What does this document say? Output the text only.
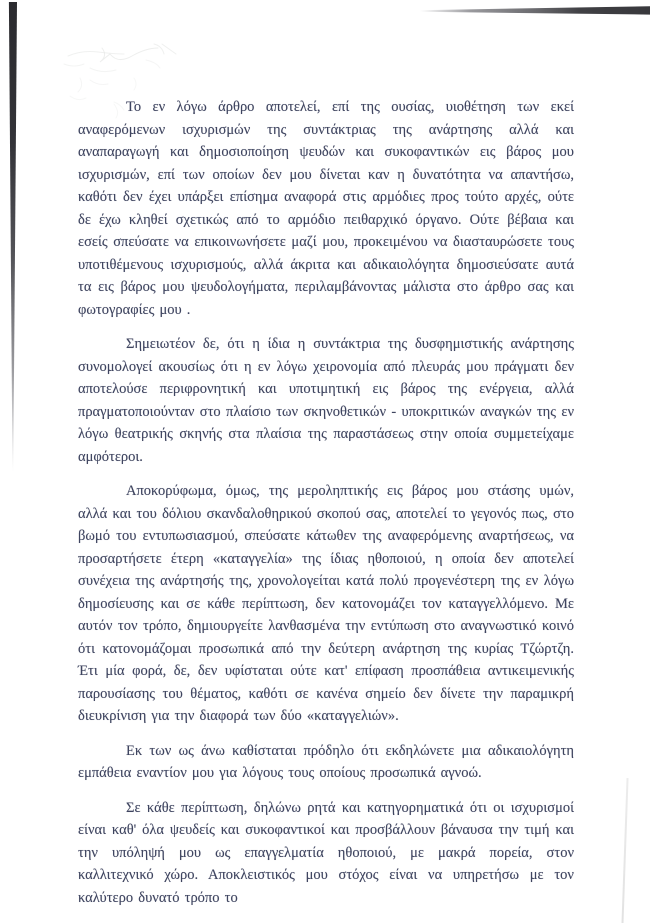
Το εν λόγω άρθρο αποτελεί, επί της ουσίας, υιοθέτηση των εκεί αναφερόμενων ισχυρισμών της συντάκτριας της ανάρτησης αλλά και αναπαραγωγή και δημοσιοποίηση ψευδών και συκοφαντικών εις βάρος μου ισχυρισμών, επί των οποίων δεν μου δίνεται καν η δυνατότητα να απαντήσω, καθότι δεν έχει υπάρξει επίσημα αναφορά στις αρμόδιες προς τούτο αρχές, ούτε δε έχω κληθεί σχετικώς από το αρμόδιο πειθαρχικό όργανο. Ούτε βέβαια και εσείς σπεύσατε να επικοινωνήσετε μαζί μου, προκειμένου να διασταυρώσετε τους υποτιθέμενους ισχυρισμούς, αλλά άκριτα και αδικαιολόγητα δημοσιεύσατε αυτά τα εις βάρος μου ψευδολογήματα, περιλαμβάνοντας μάλιστα στο άρθρο σας και φωτογραφίες μου .

Σημειωτέον δε, ότι η ίδια η συντάκτρια της δυσφημιστικής ανάρτησης συνομολογεί ακουσίως ότι η εν λόγω χειρονομία από πλευράς μου πράγματι δεν αποτελούσε περιφρονητική και υποτιμητική εις βάρος της ενέργεια, αλλά πραγματοποιούνταν στο πλαίσιο των σκηνοθετικών - υποκριτικών αναγκών της εν λόγω θεατρικής σκηνής στα πλαίσια της παραστάσεως στην οποία συμμετείχαμε αμφότεροι.

Αποκορύφωμα, όμως, της μεροληπτικής εις βάρος μου στάσης υμών, αλλά και του δόλιου σκανδαλοθηρικού σκοπού σας, αποτελεί το γεγονός πως, στο βωμό του εντυπωσιασμού, σπεύσατε κάτωθεν της αναφερόμενης αναρτήσεως, να προσαρτήσετε έτερη «καταγγελία» της ίδιας ηθοποιού, η οποία δεν αποτελεί συνέχεια της ανάρτησής της, χρονολογείται κατά πολύ προγενέστερη της εν λόγω δημοσίευσης και σε κάθε περίπτωση, δεν κατονομάζει τον καταγγελλόμενο. Με αυτόν τον τρόπο, δημιουργείτε λανθασμένα την εντύπωση στο αναγνωστικό κοινό ότι κατονομάζομαι προσωπικά από την δεύτερη ανάρτηση της κυρίας Τζώρτζη. Έτι μία φορά, δε, δεν υφίσταται ούτε κατ' επίφαση προσπάθεια αντικειμενικής παρουσίασης του θέματος, καθότι σε κανένα σημείο δεν δίνετε την παραμικρή διευκρίνιση για την διαφορά των δύο «καταγγελιών».

Εκ των ως άνω καθίσταται πρόδηλο ότι εκδηλώνετε μια αδικαιολόγητη εμπάθεια εναντίον μου για λόγους τους οποίους προσωπικά αγνοώ.

Σε κάθε περίπτωση, δηλώνω ρητά και κατηγορηματικά ότι οι ισχυρισμοί είναι καθ' όλα ψευδείς και συκοφαντικοί και προσβάλλουν βάναυσα την τιμή και την υπόληψή μου ως επαγγελματία ηθοποιού, με μακρά πορεία, στον καλλιτεχνικό χώρο. Αποκλειστικός μου στόχος είναι να υπηρετήσω με τον καλύτερο δυνατό τρόπο το
